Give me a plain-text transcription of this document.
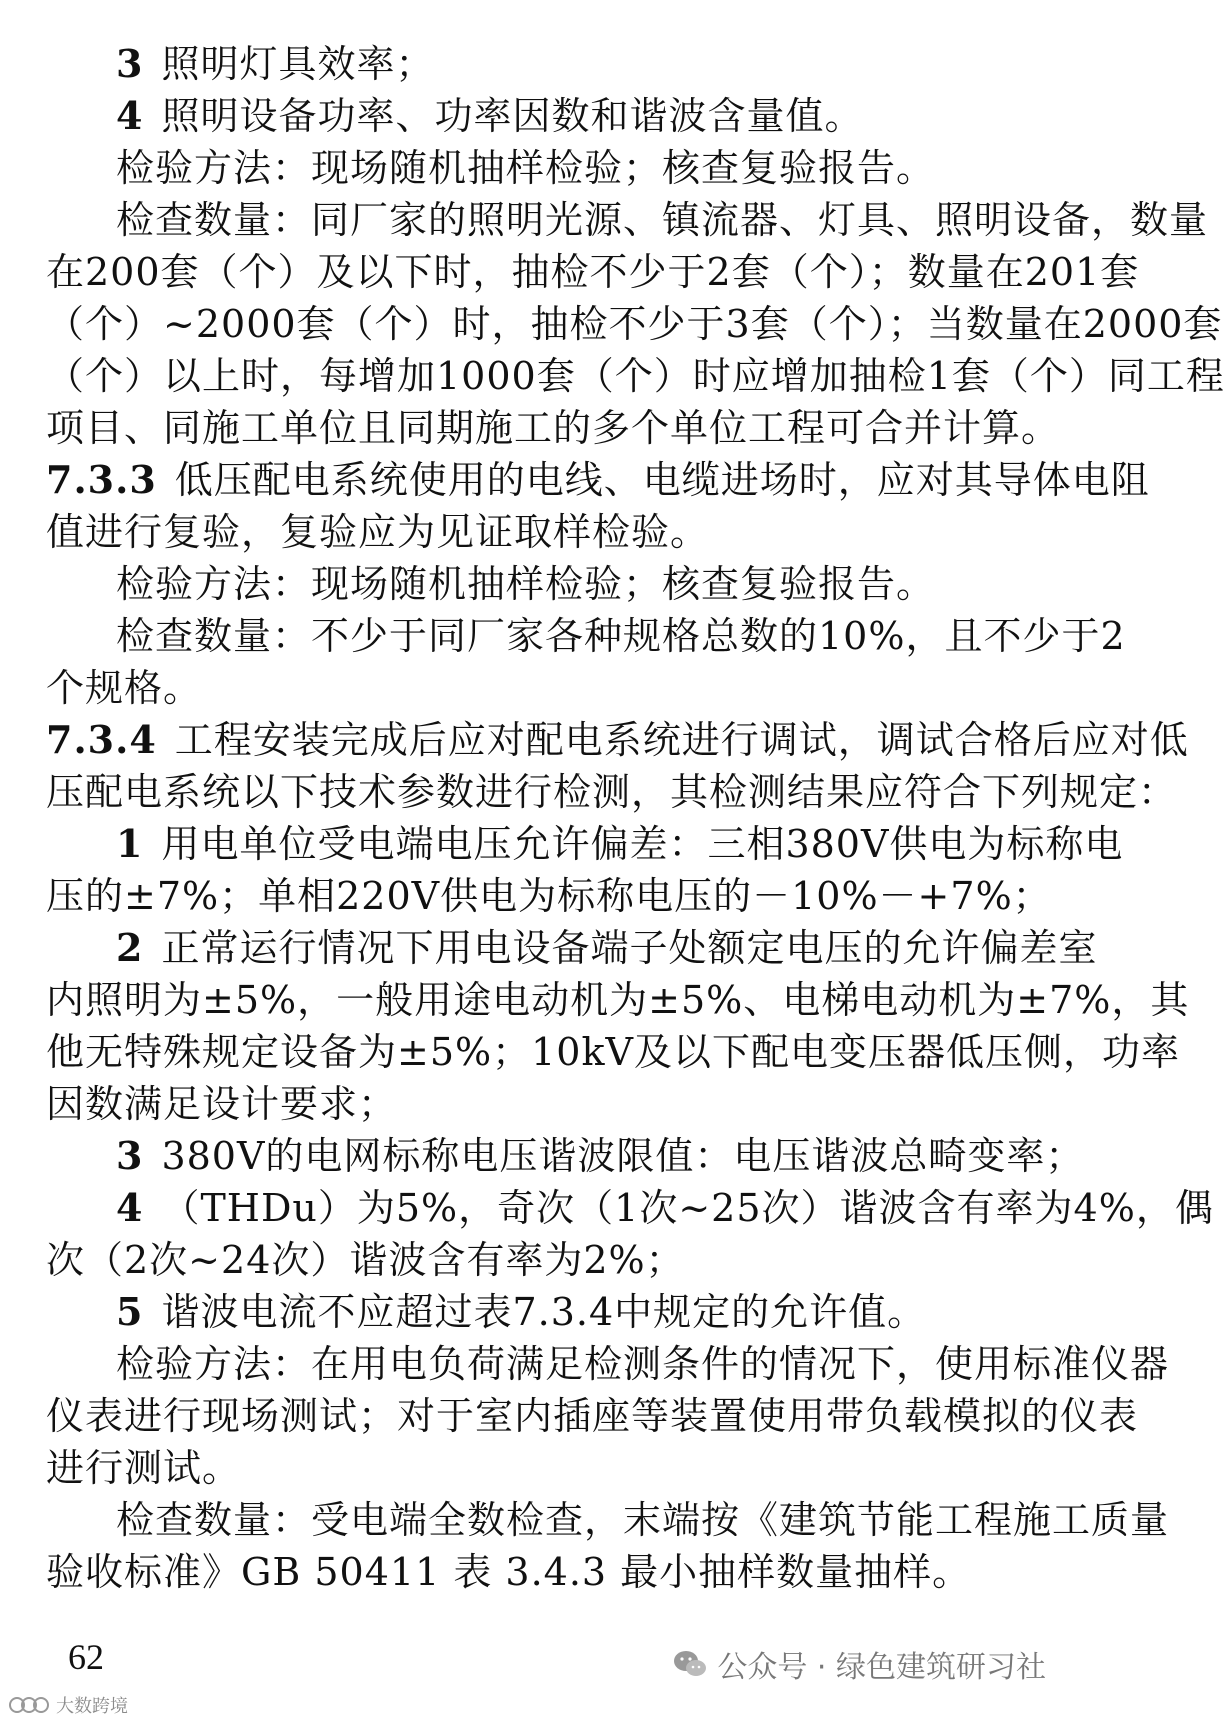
3 照明灯具效率；
4 照明设备功率、功率因数和谐波含量值。
检验方法：现场随机抽样检验；核查复验报告。
检查数量：同厂家的照明光源、镇流器、灯具、照明设备，数量
在200套（个）及以下时，抽检不少于2套（个）；数量在201套
（个）~2000套（个）时，抽检不少于3套（个）；当数量在2000套
（个）以上时，每增加1000套（个）时应增加抽检1套（个）同工程
项目、同施工单位且同期施工的多个单位工程可合并计算。
7.3.3 低压配电系统使用的电线、电缆进场时，应对其导体电阻
值进行复验，复验应为见证取样检验。
检验方法：现场随机抽样检验；核查复验报告。
检查数量：不少于同厂家各种规格总数的10%，且不少于2
个规格。
7.3.4 工程安装完成后应对配电系统进行调试，调试合格后应对低
压配电系统以下技术参数进行检测，其检测结果应符合下列规定：
1 用电单位受电端电压允许偏差：三相380V供电为标称电
压的±7%；单相220V供电为标称电压的－10%－+7%；
2 正常运行情况下用电设备端子处额定电压的允许偏差室
内照明为±5%，一般用途电动机为±5%、电梯电动机为±7%，其
他无特殊规定设备为±5%；10kV及以下配电变压器低压侧，功率
因数满足设计要求；
3 380V的电网标称电压谐波限值：电压谐波总畸变率；
4 （THDu）为5%，奇次（1次~25次）谐波含有率为4%，偶
次（2次~24次）谐波含有率为2%；
5 谐波电流不应超过表7.3.4中规定的允许值。
检验方法：在用电负荷满足检测条件的情况下，使用标准仪器
仪表进行现场测试；对于室内插座等装置使用带负载模拟的仪表
进行测试。
检查数量：受电端全数检查，末端按《建筑节能工程施工质量
验收标准》GB 50411 表 3.4.3 最小抽样数量抽样。
62	公众号 · 绿色建筑研习社
大数跨境
